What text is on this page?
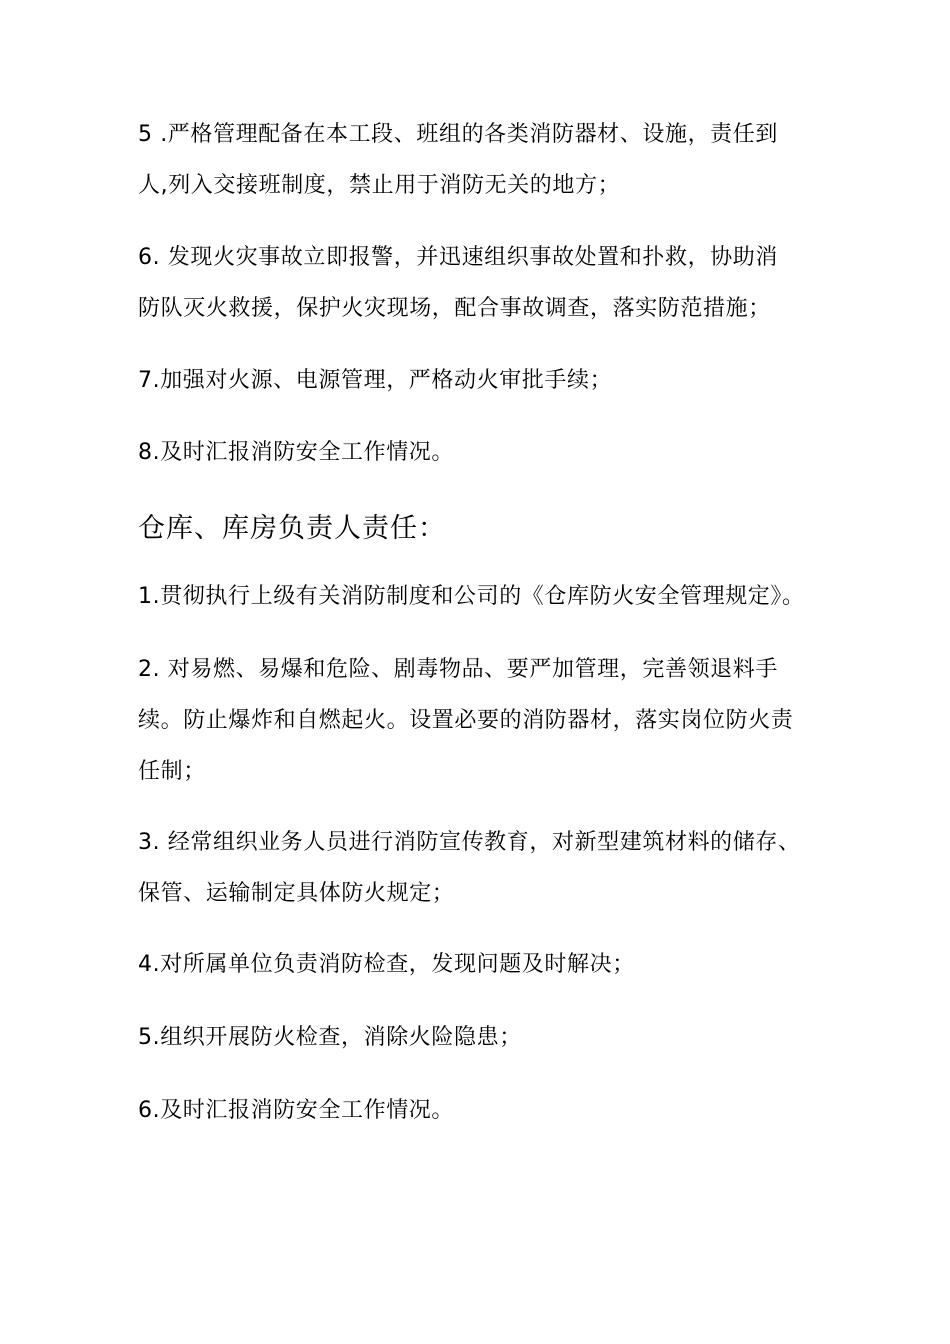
5 .严格管理配备在本工段、班组的各类消防器材、设施，责任到

人,列入交接班制度，禁止用于消防无关的地方；

6. 发现火灾事故立即报警，并迅速组织事故处置和扑救，协助消

防队灭火救援，保护火灾现场，配合事故调查，落实防范措施；

7.加强对火源、电源管理，严格动火审批手续；

8.及时汇报消防安全工作情况。

仓库、库房负责人责任：

1.贯彻执行上级有关消防制度和公司的《仓库防火安全管理规定》。

2. 对易燃、易爆和危险、剧毒物品、要严加管理，完善领退料手

续。防止爆炸和自燃起火。设置必要的消防器材，落实岗位防火责

任制；

3. 经常组织业务人员进行消防宣传教育，对新型建筑材料的储存、

保管、运输制定具体防火规定；

4.对所属单位负责消防检查，发现问题及时解决；

5.组织开展防火检查，消除火险隐患；

6.及时汇报消防安全工作情况。
